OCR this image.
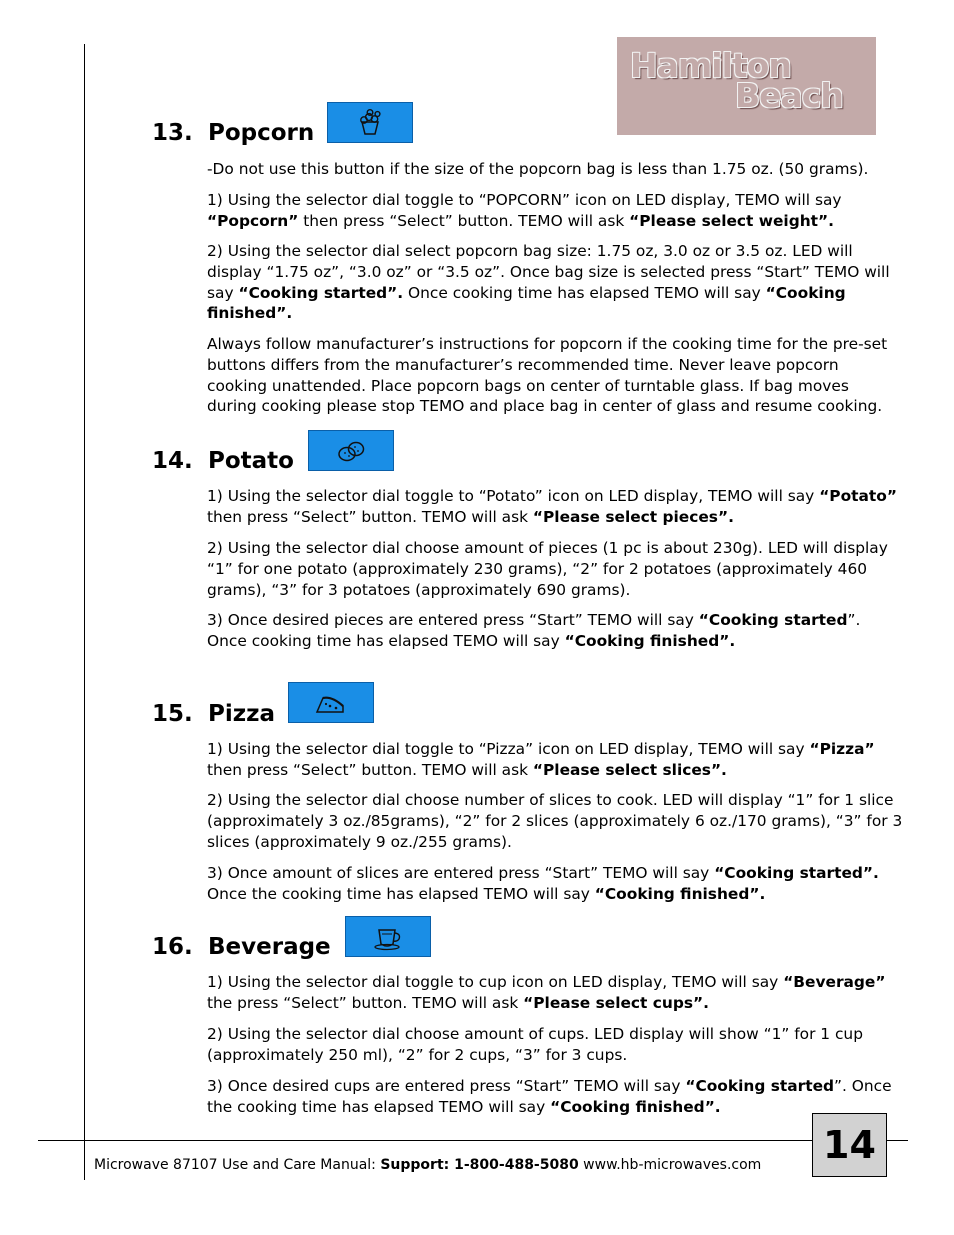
Hamilton
Beach
13. Popcorn

-Do not use this button if the size of the popcorn bag is less than 1.75 oz. (50 grams).

1) Using the selector dial toggle to “POPCORN” icon on LED display, TEMO will say “Popcorn” then press “Select” button. TEMO will ask “Please select weight”.

2) Using the selector dial select popcorn bag size: 1.75 oz, 3.0 oz or 3.5 oz. LED will display “1.75 oz”, “3.0 oz” or “3.5 oz”. Once bag size is selected press “Start” TEMO will say “Cooking started”. Once cooking time has elapsed TEMO will say “Cooking finished”.

Always follow manufacturer’s instructions for popcorn if the cooking time for the pre-set buttons differs from the manufacturer’s recommended time. Never leave popcorn cooking unattended. Place popcorn bags on center of turntable glass. If bag moves during cooking please stop TEMO and place bag in center of glass and resume cooking.

14. Potato

1) Using the selector dial toggle to “Potato” icon on LED display, TEMO will say “Potato” then press “Select” button. TEMO will ask “Please select pieces”.

2) Using the selector dial choose amount of pieces (1 pc is about 230g). LED will display “1” for one potato (approximately 230 grams), “2” for 2 potatoes (approximately 460 grams), “3” for 3 potatoes (approximately 690 grams).

3) Once desired pieces are entered press “Start” TEMO will say “Cooking started”. Once cooking time has elapsed TEMO will say “Cooking finished”.

15. Pizza

1) Using the selector dial toggle to “Pizza” icon on LED display, TEMO will say “Pizza” then press “Select” button. TEMO will ask “Please select slices”.

2) Using the selector dial choose number of slices to cook. LED will display “1” for 1 slice (approximately 3 oz./85grams), “2” for 2 slices (approximately 6 oz./170 grams), “3” for 3 slices (approximately 9 oz./255 grams).

3) Once amount of slices are entered press “Start” TEMO will say “Cooking started”. Once the cooking time has elapsed TEMO will say “Cooking finished”.

16. Beverage

1) Using the selector dial toggle to cup icon on LED display, TEMO will say “Beverage” the press “Select” button. TEMO will ask “Please select cups”.

2) Using the selector dial choose amount of cups. LED display will show “1” for 1 cup (approximately 250 ml), “2” for 2 cups, “3” for 3 cups.

3) Once desired cups are entered press “Start” TEMO will say “Cooking started”. Once the cooking time has elapsed TEMO will say “Cooking finished”.

Microwave 87107 Use and Care Manual: Support: 1-800-488-5080 www.hb-microwaves.com 14
